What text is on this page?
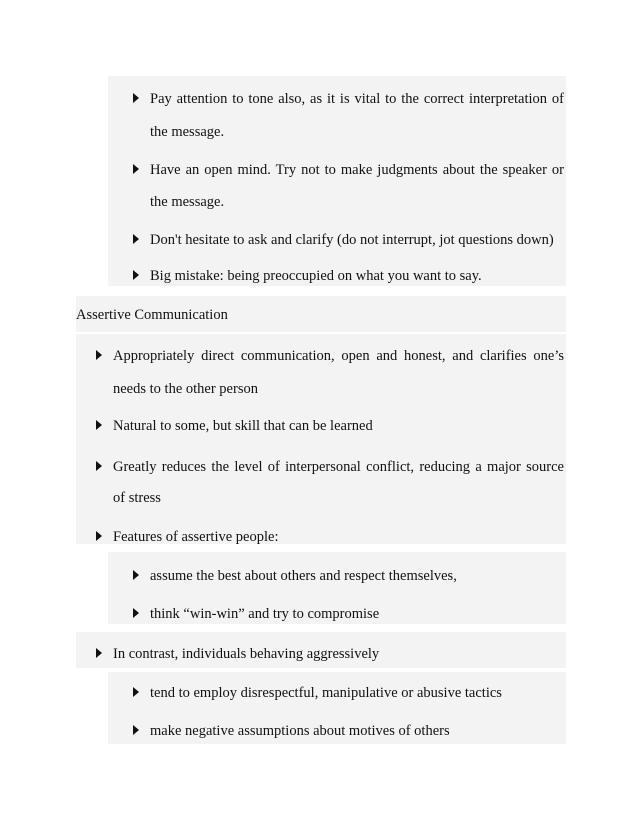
Pay attention to tone also, as it is vital to the correct interpretation of
the message.
Have an open mind. Try not to make judgments about the speaker or
the message.
Don't hesitate to ask and clarify (do not interrupt, jot questions down)
Big mistake: being preoccupied on what you want to say.
Assertive Communication
Appropriately direct communication, open and honest, and clarifies one’s
needs to the other person
Natural to some, but skill that can be learned
Greatly reduces the level of interpersonal conflict, reducing a major source
of stress
Features of assertive people:
assume the best about others and respect themselves,
think “win-win” and try to compromise
In contrast, individuals behaving aggressively
tend to employ disrespectful, manipulative or abusive tactics
make negative assumptions about motives of others
